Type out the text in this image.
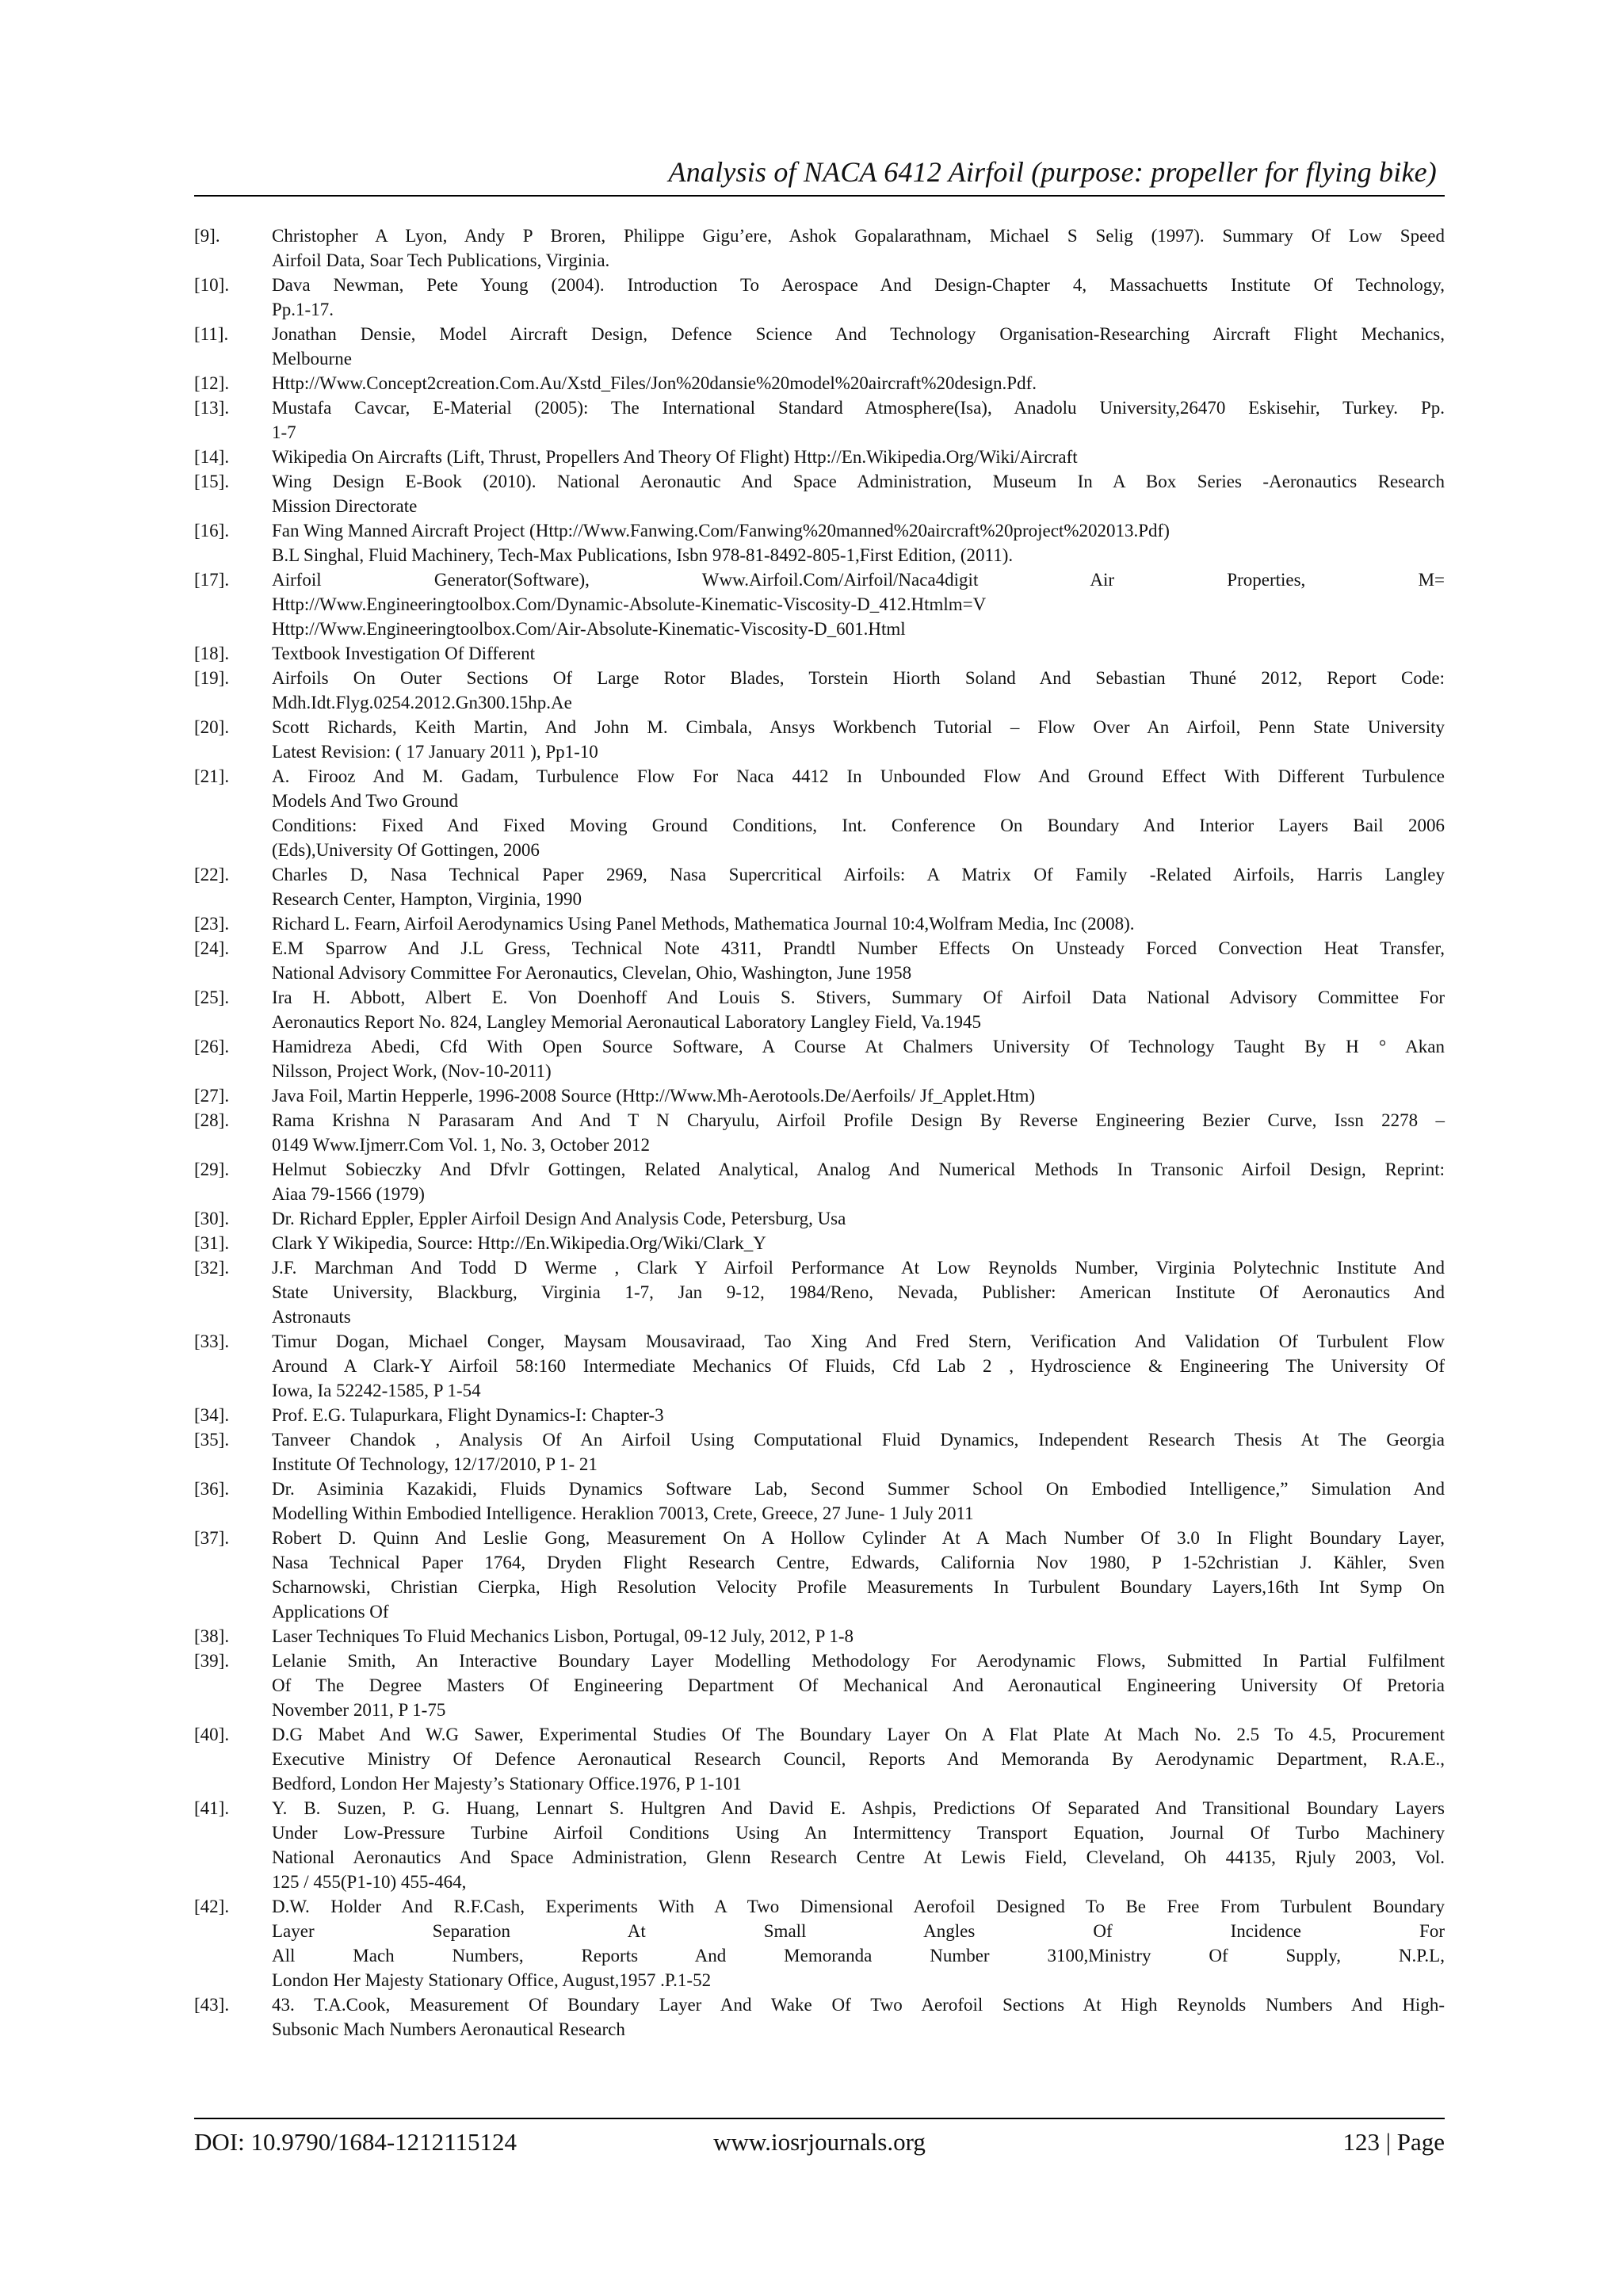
Analysis of NACA 6412 Airfoil (purpose: propeller for flying bike)
[9].	Christopher A Lyon, Andy P Broren, Philippe Gigu’ere, Ashok Gopalarathnam, Michael S Selig (1997). Summary Of Low Speed
Airfoil Data, Soar Tech Publications, Virginia.
[10].	Dava Newman, Pete Young (2004). Introduction To Aerospace And Design-Chapter 4, Massachuetts Institute Of Technology,
Pp.1-17.
[11].	Jonathan Densie, Model Aircraft Design, Defence Science And Technology Organisation-Researching Aircraft Flight Mechanics,
Melbourne
[12].	Http://Www.Concept2creation.Com.Au/Xstd_Files/Jon%20dansie%20model%20aircraft%20design.Pdf.
[13].	Mustafa Cavcar, E-Material (2005): The International Standard Atmosphere(Isa), Anadolu University,26470 Eskisehir, Turkey. Pp.
1-7
[14].	Wikipedia On Aircrafts (Lift, Thrust, Propellers And Theory Of Flight) Http://En.Wikipedia.Org/Wiki/Aircraft
[15].	Wing Design E-Book (2010). National Aeronautic And Space Administration, Museum In A Box Series -Aeronautics Research
Mission Directorate
[16].	Fan Wing Manned Aircraft Project (Http://Www.Fanwing.Com/Fanwing%20manned%20aircraft%20project%202013.Pdf)
B.L Singhal, Fluid Machinery, Tech-Max Publications, Isbn 978-81-8492-805-1,First Edition, (2011).
[17].	Airfoil Generator(Software), Www.Airfoil.Com/Airfoil/Naca4digit Air Properties, M=
Http://Www.Engineeringtoolbox.Com/Dynamic-Absolute-Kinematic-Viscosity-D_412.Htmlm=V
Http://Www.Engineeringtoolbox.Com/Air-Absolute-Kinematic-Viscosity-D_601.Html
[18].	Textbook Investigation Of Different
[19].	Airfoils On Outer Sections Of Large Rotor Blades, Torstein Hiorth Soland And Sebastian Thuné 2012, Report Code:
Mdh.Idt.Flyg.0254.2012.Gn300.15hp.Ae
[20].	Scott Richards, Keith Martin, And John M. Cimbala, Ansys Workbench Tutorial – Flow Over An Airfoil, Penn State University
Latest Revision: ( 17 January 2011 ), Pp1-10
[21].	A. Firooz And M. Gadam, Turbulence Flow For Naca 4412 In Unbounded Flow And Ground Effect With Different Turbulence
Models And Two Ground
Conditions: Fixed And Fixed Moving Ground Conditions, Int. Conference On Boundary And Interior Layers Bail 2006
(Eds),University Of Gottingen, 2006
[22].	Charles D, Nasa Technical Paper 2969, Nasa Supercritical Airfoils: A Matrix Of Family -Related Airfoils, Harris Langley
Research Center, Hampton, Virginia, 1990
[23].	Richard L. Fearn, Airfoil Aerodynamics Using Panel Methods, Mathematica Journal 10:4,Wolfram Media, Inc (2008).
[24].	E.M Sparrow And J.L Gress, Technical Note 4311, Prandtl Number Effects On Unsteady Forced Convection Heat Transfer,
National Advisory Committee For Aeronautics, Clevelan, Ohio, Washington, June 1958
[25].	Ira H. Abbott, Albert E. Von Doenhoff And Louis S. Stivers, Summary Of Airfoil Data National Advisory Committee For
Aeronautics Report No. 824, Langley Memorial Aeronautical Laboratory Langley Field, Va.1945
[26].	Hamidreza Abedi, Cfd With Open Source Software, A Course At Chalmers University Of Technology Taught By H ° Akan
Nilsson, Project Work, (Nov-10-2011)
[27].	Java Foil, Martin Hepperle, 1996-2008 Source (Http://Www.Mh-Aerotools.De/Aerfoils/ Jf_Applet.Htm)
[28].	Rama Krishna N Parasaram And And T N Charyulu, Airfoil Profile Design By Reverse Engineering Bezier Curve, Issn 2278 –
0149 Www.Ijmerr.Com Vol. 1, No. 3, October 2012
[29].	Helmut Sobieczky And Dfvlr Gottingen, Related Analytical, Analog And Numerical Methods In Transonic Airfoil Design, Reprint:
Aiaa 79-1566 (1979)
[30].	Dr. Richard Eppler, Eppler Airfoil Design And Analysis Code, Petersburg, Usa
[31].	Clark Y Wikipedia, Source: Http://En.Wikipedia.Org/Wiki/Clark_Y
[32].	J.F. Marchman And Todd D Werme , Clark Y Airfoil Performance At Low Reynolds Number, Virginia Polytechnic Institute And
State University, Blackburg, Virginia 1-7, Jan 9-12, 1984/Reno, Nevada, Publisher: American Institute Of Aeronautics And
Astronauts
[33].	Timur Dogan, Michael Conger, Maysam Mousaviraad, Tao Xing And Fred Stern, Verification And Validation Of Turbulent Flow
Around A Clark-Y Airfoil 58:160 Intermediate Mechanics Of Fluids, Cfd Lab 2 , Hydroscience & Engineering The University Of
Iowa, Ia 52242-1585, P 1-54
[34].	Prof. E.G. Tulapurkara, Flight Dynamics-I: Chapter-3
[35].	Tanveer Chandok , Analysis Of An Airfoil Using Computational Fluid Dynamics, Independent Research Thesis At The Georgia
Institute Of Technology, 12/17/2010, P 1- 21
[36].	Dr. Asiminia Kazakidi, Fluids Dynamics Software Lab, Second Summer School On Embodied Intelligence,” Simulation And
Modelling Within Embodied Intelligence. Heraklion 70013, Crete, Greece, 27 June- 1 July 2011
[37].	Robert D. Quinn And Leslie Gong, Measurement On A Hollow Cylinder At A Mach Number Of 3.0 In Flight Boundary Layer,
Nasa Technical Paper 1764, Dryden Flight Research Centre, Edwards, California Nov 1980, P 1-52christian J. Kähler, Sven
Scharnowski, Christian Cierpka, High Resolution Velocity Profile Measurements In Turbulent Boundary Layers,16th Int Symp On
Applications Of
[38].	Laser Techniques To Fluid Mechanics Lisbon, Portugal, 09-12 July, 2012, P 1-8
[39].	Lelanie Smith, An Interactive Boundary Layer Modelling Methodology For Aerodynamic Flows, Submitted In Partial Fulfilment
Of The Degree Masters Of Engineering Department Of Mechanical And Aeronautical Engineering University Of Pretoria
November 2011, P 1-75
[40].	D.G Mabet And W.G Sawer, Experimental Studies Of The Boundary Layer On A Flat Plate At Mach No. 2.5 To 4.5, Procurement
Executive Ministry Of Defence Aeronautical Research Council, Reports And Memoranda By Aerodynamic Department, R.A.E.,
Bedford, London Her Majesty’s Stationary Office.1976, P 1-101
[41].	Y. B. Suzen, P. G. Huang, Lennart S. Hultgren And David E. Ashpis, Predictions Of Separated And Transitional Boundary Layers
Under Low-Pressure Turbine Airfoil Conditions Using An Intermittency Transport Equation, Journal Of Turbo Machinery
National Aeronautics And Space Administration, Glenn Research Centre At Lewis Field, Cleveland, Oh 44135, Rjuly 2003, Vol.
125 / 455(P1-10) 455-464,
[42].	D.W. Holder And R.F.Cash, Experiments With A Two Dimensional Aerofoil Designed To Be Free From Turbulent Boundary
Layer Separation At Small Angles Of Incidence For
All Mach Numbers, Reports And Memoranda Number 3100,Ministry Of Supply, N.P.L,
London Her Majesty Stationary Office, August,1957 .P.1-52
[43].	43. T.A.Cook, Measurement Of Boundary Layer And Wake Of Two Aerofoil Sections At High Reynolds Numbers And High-
Subsonic Mach Numbers Aeronautical Research
DOI: 10.9790/1684-1212115124	www.iosrjournals.org	123 | Page
